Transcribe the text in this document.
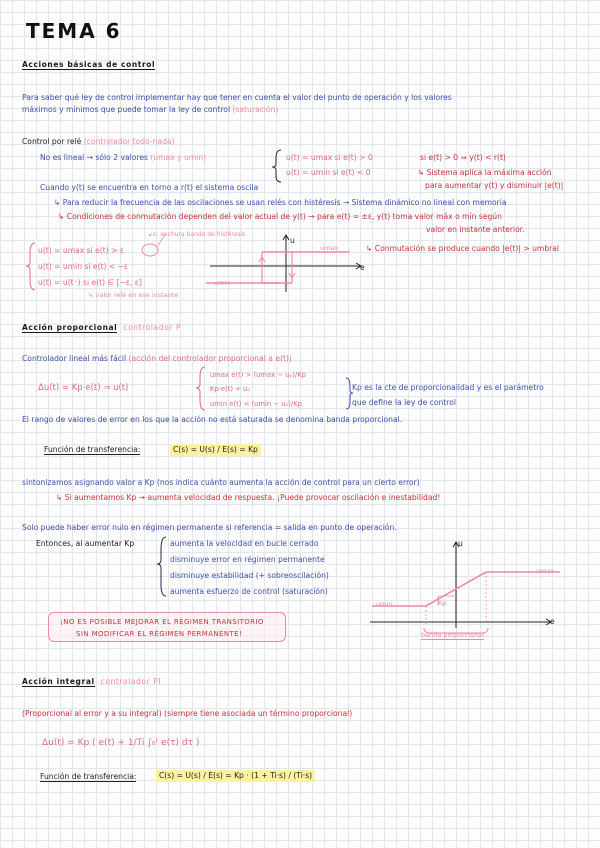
TEMA 6
Acciones básicas de control
Para saber qué ley de control implementar hay que tener en cuenta el valor del punto de operación y los valores
máximos y mínimos que puede tomar la ley de control (saturación)
Control por relé (controlador todo-nada)
No es lineal → sólo 2 valores (umax y umin)	u(t) = umax si e(t) > 0
u(t) = umin si e(t) < 0
si e(t) > 0 ⇒ y(t) < r(t)
↳ Sistema aplica la máxima acción
para aumentar y(t) y disminuir |e(t)|
Cuando y(t) se encuentra en torno a r(t) el sistema oscila
↳ Para reducir la frecuencia de las oscilaciones se usan relés con histéresis → Sistema dinámico no lineal con memoria
↳ Condiciones de conmutación dependen del valor actual de y(t) → para e(t) = ±ε, y(t) toma valor máx o mín según
valor en instante anterior.
↙ε: anchura banda de histéresis
u(t) = umax si e(t) > ε
u(t) = umin si e(t) < −ε
u(t) = u(t⁻) si e(t) ∈ [−ε, ε]
↳ valor relé en ese instante
u
e
umax
umin
↳ Conmutación se produce cuando |e(t)| > umbral
Acción proporcional controlador P
Controlador lineal más fácil (acción del controlador proporcional a e(t))
Δu(t) = Kp·e(t) ⇒ u(t)
umax e(t) > (umax − u₀)/Kp
Kp·e(t) + u₀
umin e(t) < (umin − u₀)/Kp
Kp es la cte de proporcionalidad y es el parámetro
que define la ley de control
El rango de valores de error en los que la acción no está saturada se denomina banda proporcional.
Función de transferencia:	C(s) = U(s) / E(s) = Kp
sintonizamos asignando valor a Kp (nos indica cuánto aumenta la acción de control para un cierto error)
↳ Si aumentamos Kp → aumenta velocidad de respuesta. ¡Puede provocar oscilación e inestabilidad!
Solo puede haber error nulo en régimen permanente si referencia = salida en punto de operación.
Entonces, al aumentar Kp	aumenta la velocidad en bucle cerrado
disminuye error en régimen permanente
disminuye estabilidad (+ sobreoscilación)
aumenta esfuerzo de control (saturación)
¡NO ES POSIBLE MEJORAR EL RÉGIMEN TRANSITORIO
SIN MODIFICAR EL RÉGIMEN PERMANENTE!
u
e
umax
umin	Kp
banda proporcional
Acción integral controlador PI
(Proporcional al error y a su integral) (siempre tiene asociada un término proporcional)
Δu(t) = Kp ( e(t) + 1/Ti ∫₀ᵗ e(τ) dτ )
Función de transferencia:	C(s) = U(s) / E(s) = Kp · (1 + Ti·s) / (Ti·s)
